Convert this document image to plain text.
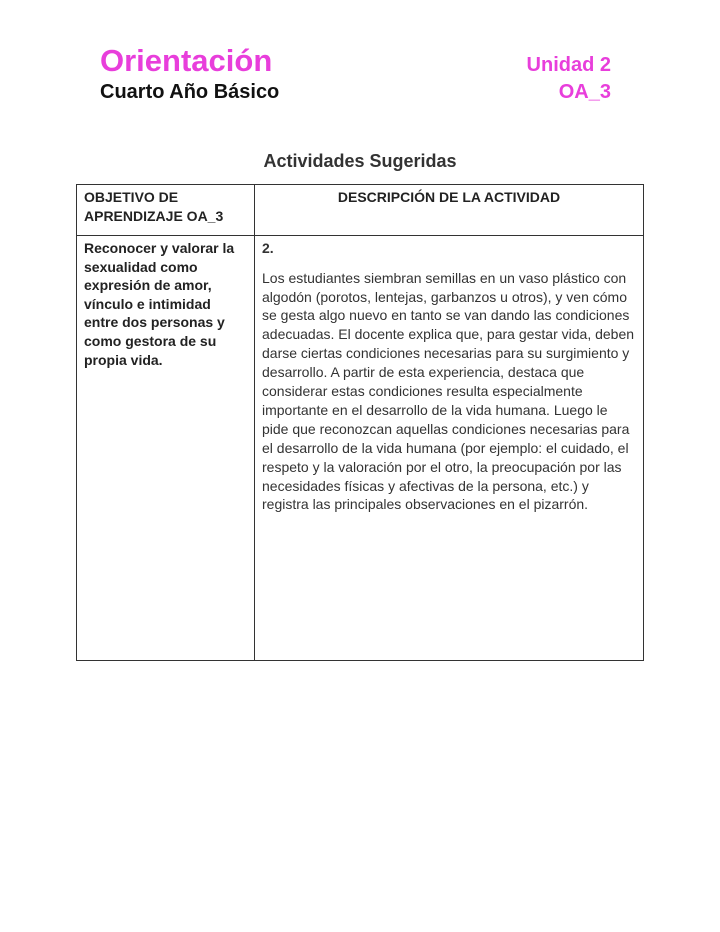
Orientación
Cuarto Año Básico
Unidad 2
OA_3
Actividades Sugeridas
OBJETIVO DE APRENDIZAJE OA_3	DESCRIPCIÓN DE LA ACTIVIDAD
Reconocer y valorar la sexualidad como expresión de amor, vínculo e intimidad entre dos personas y como gestora de su propia vida.	2.
Los estudiantes siembran semillas en un vaso plástico con algodón (porotos, lentejas, garbanzos u otros), y ven cómo se gesta algo nuevo en tanto se van dando las condiciones adecuadas. El docente explica que, para gestar vida, deben darse ciertas condiciones necesarias para su surgimiento y desarrollo. A partir de esta experiencia, destaca que considerar estas condiciones resulta especialmente importante en el desarrollo de la vida humana. Luego le pide que reconozcan aquellas condiciones necesarias para el desarrollo de la vida humana (por ejemplo: el cuidado, el respeto y la valoración por el otro, la preocupación por las necesidades físicas y afectivas de la persona, etc.) y registra las principales observaciones en el pizarrón.
